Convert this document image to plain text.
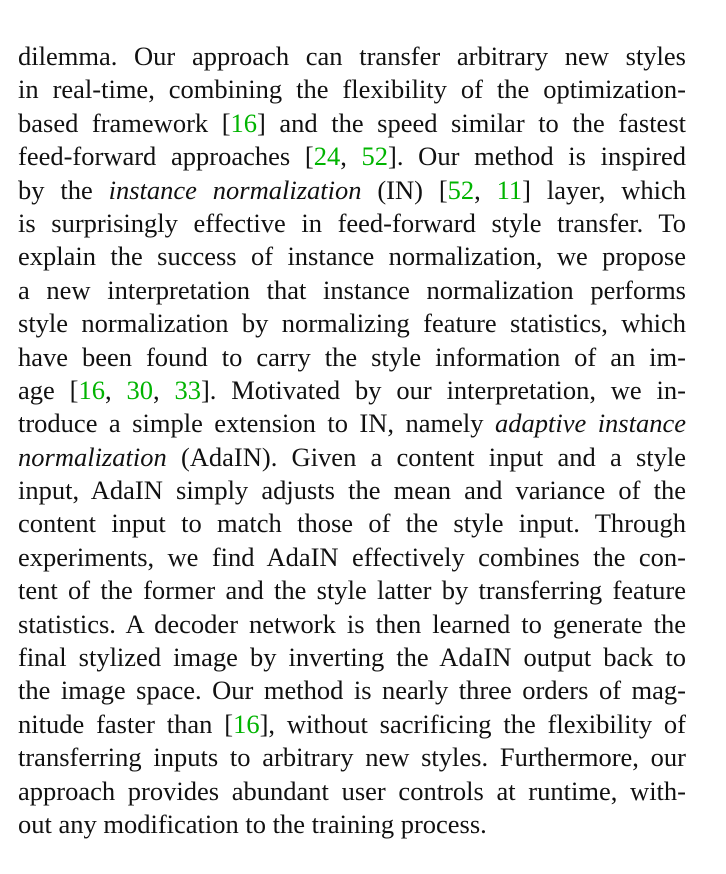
dilemma. Our approach can transfer arbitrary new styles
in real-time, combining the flexibility of the optimization-
based framework [16] and the speed similar to the fastest
feed-forward approaches [24, 52]. Our method is inspired
by the instance normalization (IN) [52, 11] layer, which
is surprisingly effective in feed-forward style transfer. To
explain the success of instance normalization, we propose
a new interpretation that instance normalization performs
style normalization by normalizing feature statistics, which
have been found to carry the style information of an im-
age [16, 30, 33]. Motivated by our interpretation, we in-
troduce a simple extension to IN, namely adaptive instance
normalization (AdaIN). Given a content input and a style
input, AdaIN simply adjusts the mean and variance of the
content input to match those of the style input. Through
experiments, we find AdaIN effectively combines the con-
tent of the former and the style latter by transferring feature
statistics. A decoder network is then learned to generate the
final stylized image by inverting the AdaIN output back to
the image space. Our method is nearly three orders of mag-
nitude faster than [16], without sacrificing the flexibility of
transferring inputs to arbitrary new styles. Furthermore, our
approach provides abundant user controls at runtime, with-
out any modification to the training process.
